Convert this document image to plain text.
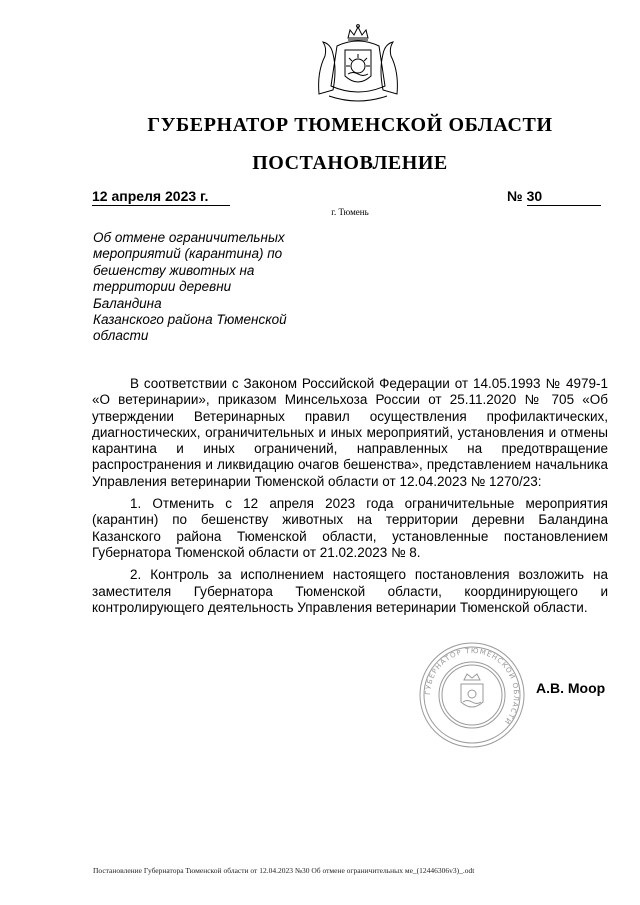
ГУБЕРНАТОР ТЮМЕНСКОЙ ОБЛАСТИ
ПОСТАНОВЛЕНИЕ
12 апреля 2023 г.	№ 30
г. Тюмень
Об отмене ограничительных
мероприятий (карантина) по
бешенству животных на
территории деревни Баландина
Казанского района Тюменской
области

В соответствии с Законом Российской Федерации от 14.05.1993 № 4979-1 «О ветеринарии», приказом Минсельхоза России от 25.11.2020 № 705 «Об утверждении Ветеринарных правил осуществления профилактических, диагностических, ограничительных и иных мероприятий, установления и отмены карантина и иных ограничений, направленных на предотвращение распространения и ликвидацию очагов бешенства», представлением начальника Управления ветеринарии Тюменской области от 12.04.2023 № 1270/23:

1. Отменить с 12 апреля 2023 года ограничительные мероприятия (карантин) по бешенству животных на территории деревни Баландина Казанского района Тюменской области, установленные постановлением Губернатора Тюменской области от 21.02.2023 № 8.

2. Контроль за исполнением настоящего постановления возложить на заместителя Губернатора Тюменской области, координирующего и контролирующего деятельность Управления ветеринарии Тюменской области.

ГУБЕРНАТОР ТЮМЕНСКОЙ ОБЛАСТИ
А.В. Моор
Постановление Губернатора Тюменской области от 12.04.2023 №30 Об отмене ограничительных ме_(12446306v3)_.odt
